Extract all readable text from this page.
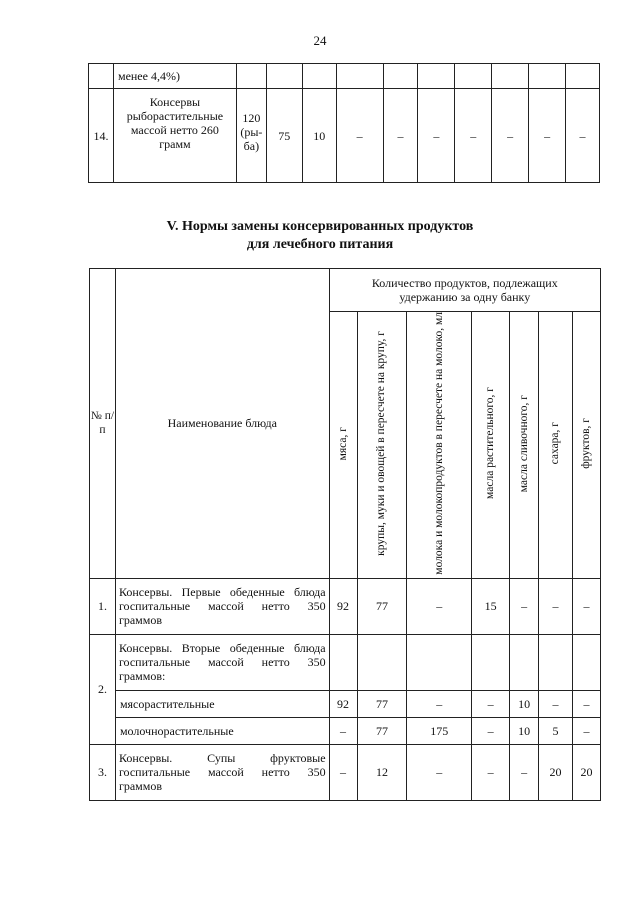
24
	менее 4,4%)										
14.	Консервы рыборастительные массой нетто 260 грамм	120 (ры- ба)	75	10	–	–	–	–	–	–	–
V. Нормы замены консервированных продуктов
для лечебного питания
№ п/п	Наименование блюда	Количество продуктов, подлежащих удержанию за одну банку						
		мяса, г	крупы, муки и овощей в пересчете на крупу, г	молока и молокопродуктов в пересчете на молоко, мл	масла растительного, г	масла сливочного, г	сахара, г	фруктов, г
1.	Консервы. Первые обеденные блюда госпитальные массой нетто 350 граммов	92	77	–	15	–	–	–
2.	Консервы. Вторые обеденные блюда госпитальные массой нетто 350 граммов:							
	мясорастительные	92	77	–	–	10	–	–
	молочнорастительные	–	77	175	–	10	5	–
3.	Консервы. Супы фруктовые госпитальные массой нетто 350 граммов	–	12	–	–	–	20	20
